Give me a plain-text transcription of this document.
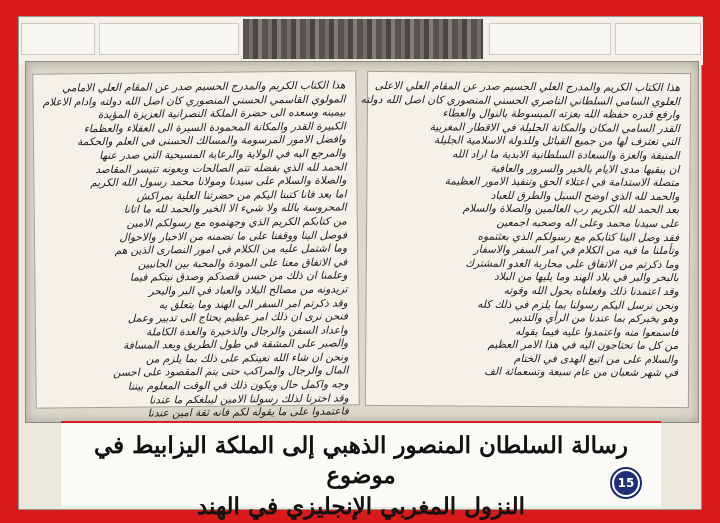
هذا الكتاب الكريم والمدرج الحسيم صدر عن المقام العلي الامامي
المولوي القاسمي الحسني المنصوري كان اصل الله دولته وادام الاعلام
بيمينه وسعده الى حضرة الملكة النصرانية العزيزة المؤيدة
الكبيرة القدر والمكانة المحمودة السيرة الى العقلاء والعظماء
وافضل الامور المرسومة والمسالك الحسنى في العلم والحكمة
والمرجع اليه في الولاية والرعاية المسيحية التي صدر عنها
الحمد لله الذي بفضله تتم الصالحات وبعونه تتيسر المقاصد
والصلاة والسلام على سيدنا ومولانا محمد رسول الله الكريم
اما بعد فانا كتبنا اليكم من حضرتنا العلية بمراكش
المحروسة بالله ولا شيء الا الخير والحمد لله ما اتانا
من كتابكم الكريم الذي وجهتموه مع رسولكم الامين
فوصل الينا ووقفنا على ما تضمنه من الاخبار والاحوال
وما اشتمل عليه من الكلام في امور النصارى الذين هم
في الاتفاق معنا على المودة والمحبة بين الجانبين
وعلمنا ان ذلك من حسن قصدكم وصدق نيتكم فيما
تريدونه من مصالح البلاد والعباد في البر والبحر
وقد ذكرتم امر السفر الى الهند وما يتعلق به
فنحن نرى ان ذلك امر عظيم يحتاج الى تدبير وعمل
واعداد السفن والرجال والذخيرة والعدة الكاملة
والصبر على المشقة في طول الطريق وبعد المسافة
ونحن ان شاء الله نعينكم على ذلك بما يلزم من
المال والرجال والمراكب حتى يتم المقصود على احسن
وجه واكمل حال ويكون ذلك في الوقت المعلوم بيننا
وقد اخترنا لذلك رسولنا الامين ليبلغكم ما عندنا
فاعتمدوا على ما يقوله لكم فانه ثقة امين عندنا
هذا الكتاب الكريم والمدرج العلي الجسيم صدر عن المقام العلي الاعلى
العلوي السامي السلطاني الناصري الحسني المنصوري كان اصل الله دولته
وارفع قدره حفظه الله بعزته المبسوطة بالنوال والعطاء
القدر السامي المكان والمكانة الجليلة في الاقطار المغربية
التي تعترف لها من جميع القبائل وللدولة الاسلامية الجليلة
المنيفة والعزة والسعادة السلطانية الابدية ما اراد الله
ان يبقيها مدى الايام بالخير والسرور والعافية
متصلة الاستدامة في اعتلاء الحق وتنفيذ الامور العظيمة
والحمد لله الذي اوضح السبل والطرق للعباد
بعد الحمد لله الكريم رب العالمين والصلاة والسلام
على سيدنا محمد وعلى اله وصحبه اجمعين
فقد وصل الينا كتابكم مع رسولكم الذي بعثتموه
وتأملنا ما فيه من الكلام في امر السفر والاسفار
وما ذكرتم من الاتفاق على محاربة العدو المشترك
بالبحر والبر في بلاد الهند وما يليها من البلاد
وقد اعتمدنا ذلك وفعلناه بحول الله وقوته
ونحن نرسل اليكم رسولنا بما يلزم في ذلك كله
وهو يخبركم بما عندنا من الرأي والتدبير
فاسمعوا منه واعتمدوا عليه فيما يقوله
من كل ما تحتاجون اليه في هذا الامر العظيم
والسلام على من اتبع الهدى في الختام
في شهر شعبان من عام سبعة وتسعمائة الف
رسالة السلطان المنصور الذهبي إلى الملكة اليزابيط في موضوع
النزول المغربي الإنجليزي في الهند
15
